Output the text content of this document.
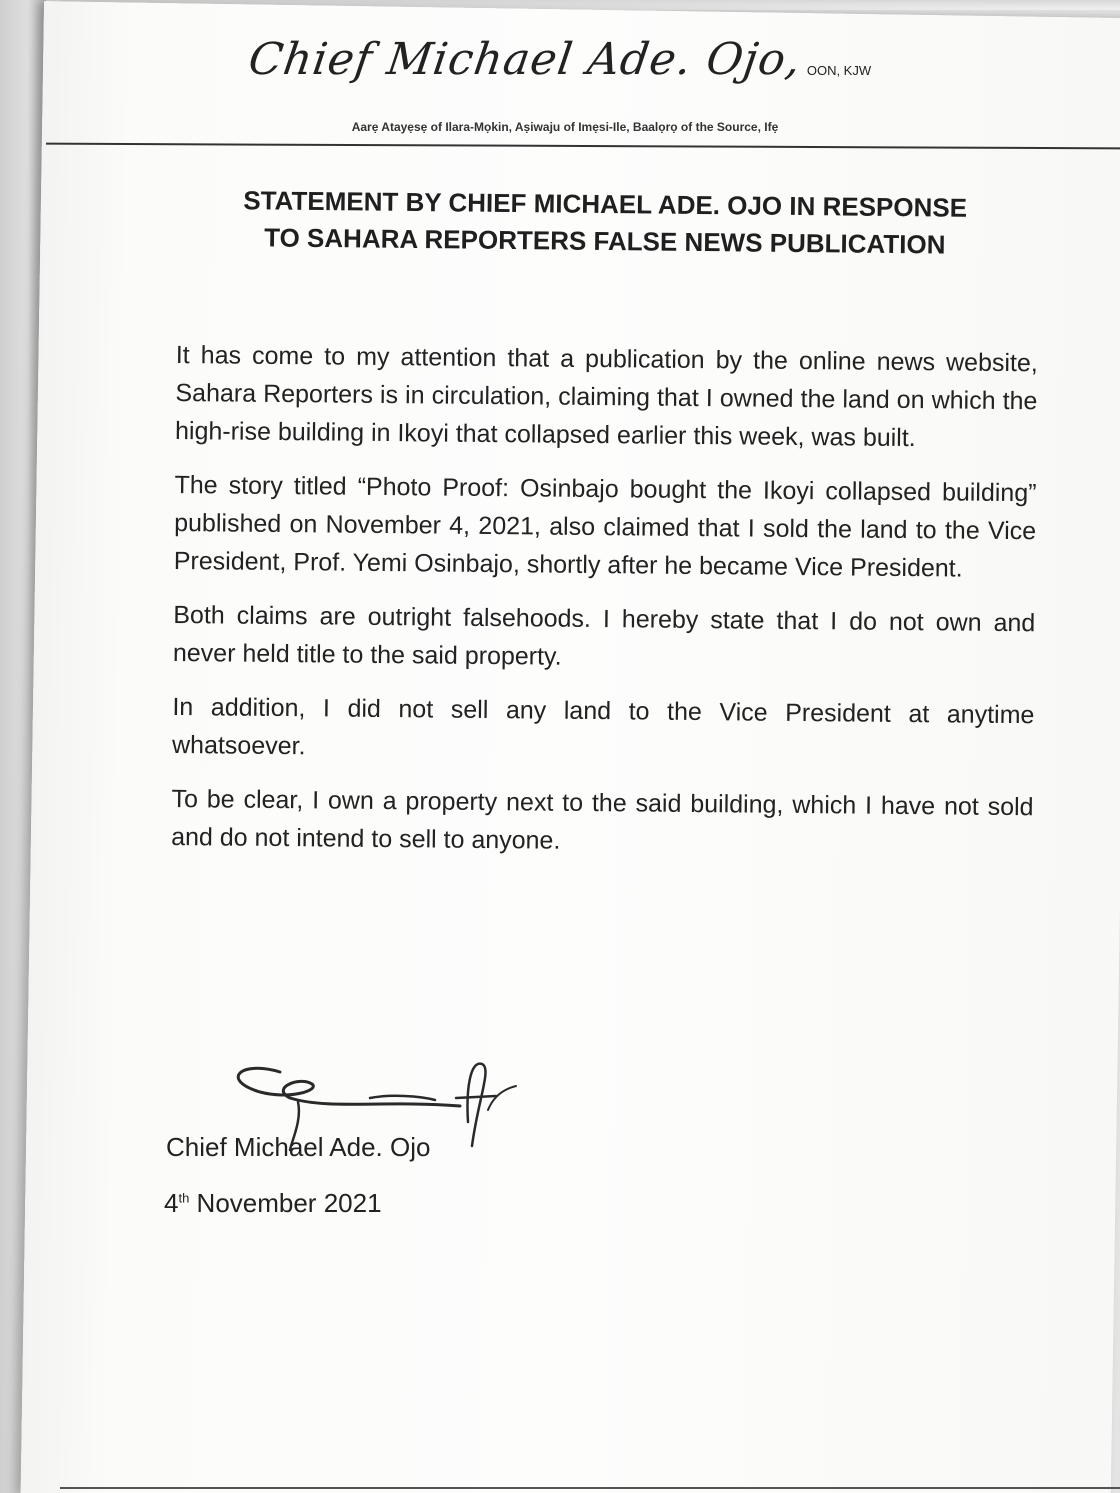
Chief Michael Ade. Ojo, OON, KJW
Aarẹ Atayẹsẹ of Ilara-Mọkin, Aṣiwaju of Imẹsi-Ile, Baalọrọ of the Source, Ifẹ
STATEMENT BY CHIEF MICHAEL ADE. OJO IN RESPONSE
TO SAHARA REPORTERS FALSE NEWS PUBLICATION

It has come to my attention that a publication by the online news website, Sahara Reporters is in circulation, claiming that I owned the land on which the high-rise building in Ikoyi that collapsed earlier this week, was built.

The story titled “Photo Proof: Osinbajo bought the Ikoyi collapsed building” published on November 4, 2021, also claimed that I sold the land to the Vice President, Prof. Yemi Osinbajo, shortly after he became Vice President.

Both claims are outright falsehoods. I hereby state that I do not own and never held title to the said property.

In addition, I did not sell any land to the Vice President at anytime whatsoever.

To be clear, I own a property next to the said building, which I have not sold and do not intend to sell to anyone.

Chief Michael Ade. Ojo

4th November 2021
